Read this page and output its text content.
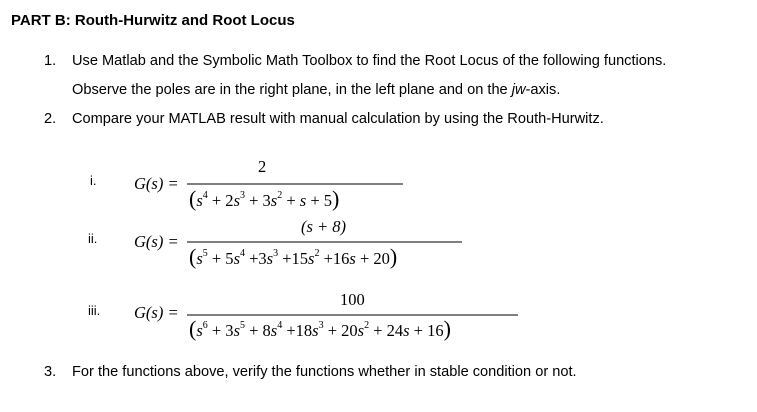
PART B: Routh-Hurwitz and Root Locus
1. Use Matlab and the Symbolic Math Toolbox to find the Root Locus of the following functions.
Observe the poles are in the right plane, in the left plane and on the jw-axis.
2. Compare your MATLAB result with manual calculation by using the Routh-Hurwitz.
i.
ii.
iii.
G(s) =
2
$(s^4 + 2s^3 + 3s^2 + s + 5)$
G(s) =
(s + 8)
$(s^5 + 5s^4 +3s^3 +15s^2 +16s + 20)$
G(s) =
100
$(s^6 + 3s^5 + 8s^4 +18s^3 + 20s^2 + 24s + 16)$
3. For the functions above, verify the functions whether in stable condition or not.
